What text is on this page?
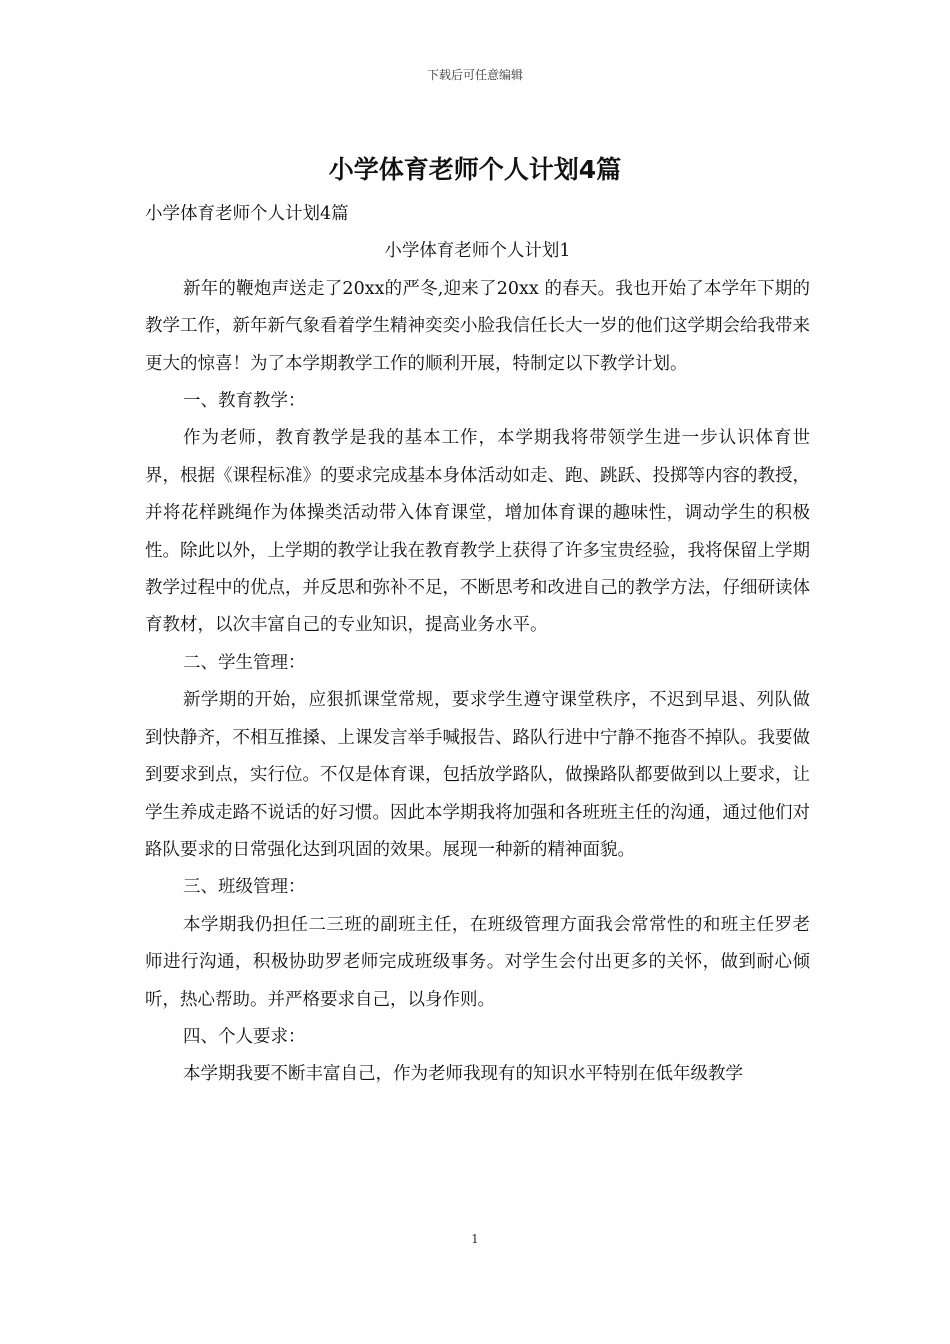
下载后可任意编辑
小学体育老师个人计划4篇

小学体育老师个人计划4篇

小学体育老师个人计划1

新年的鞭炮声送走了20xx的严冬,迎来了20xx 的春天。我也开始了本学年下期的教学工作，新年新气象看着学生精神奕奕小脸我信任长大一岁的他们这学期会给我带来更大的惊喜！为了本学期教学工作的顺利开展，特制定以下教学计划。

一、教育教学：

作为老师，教育教学是我的基本工作，本学期我将带领学生进一步认识体育世界，根据《课程标准》的要求完成基本身体活动如走、跑、跳跃、投掷等内容的教授，并将花样跳绳作为体操类活动带入体育课堂，增加体育课的趣味性，调动学生的积极性。除此以外，上学期的教学让我在教育教学上获得了许多宝贵经验，我将保留上学期教学过程中的优点，并反思和弥补不足，不断思考和改进自己的教学方法，仔细研读体育教材，以次丰富自己的专业知识，提高业务水平。

二、学生管理：

新学期的开始，应狠抓课堂常规，要求学生遵守课堂秩序，不迟到早退、列队做到快静齐，不相互推搡、上课发言举手喊报告、路队行进中宁静不拖沓不掉队。我要做到要求到点，实行位。不仅是体育课，包括放学路队，做操路队都要做到以上要求，让学生养成走路不说话的好习惯。因此本学期我将加强和各班班主任的沟通，通过他们对路队要求的日常强化达到巩固的效果。展现一种新的精神面貌。

三、班级管理：

本学期我仍担任二三班的副班主任，在班级管理方面我会常常性的和班主任罗老师进行沟通，积极协助罗老师完成班级事务。对学生会付出更多的关怀，做到耐心倾听，热心帮助。并严格要求自己，以身作则。

四、个人要求：

本学期我要不断丰富自己，作为老师我现有的知识水平特别在低年级教学

1
